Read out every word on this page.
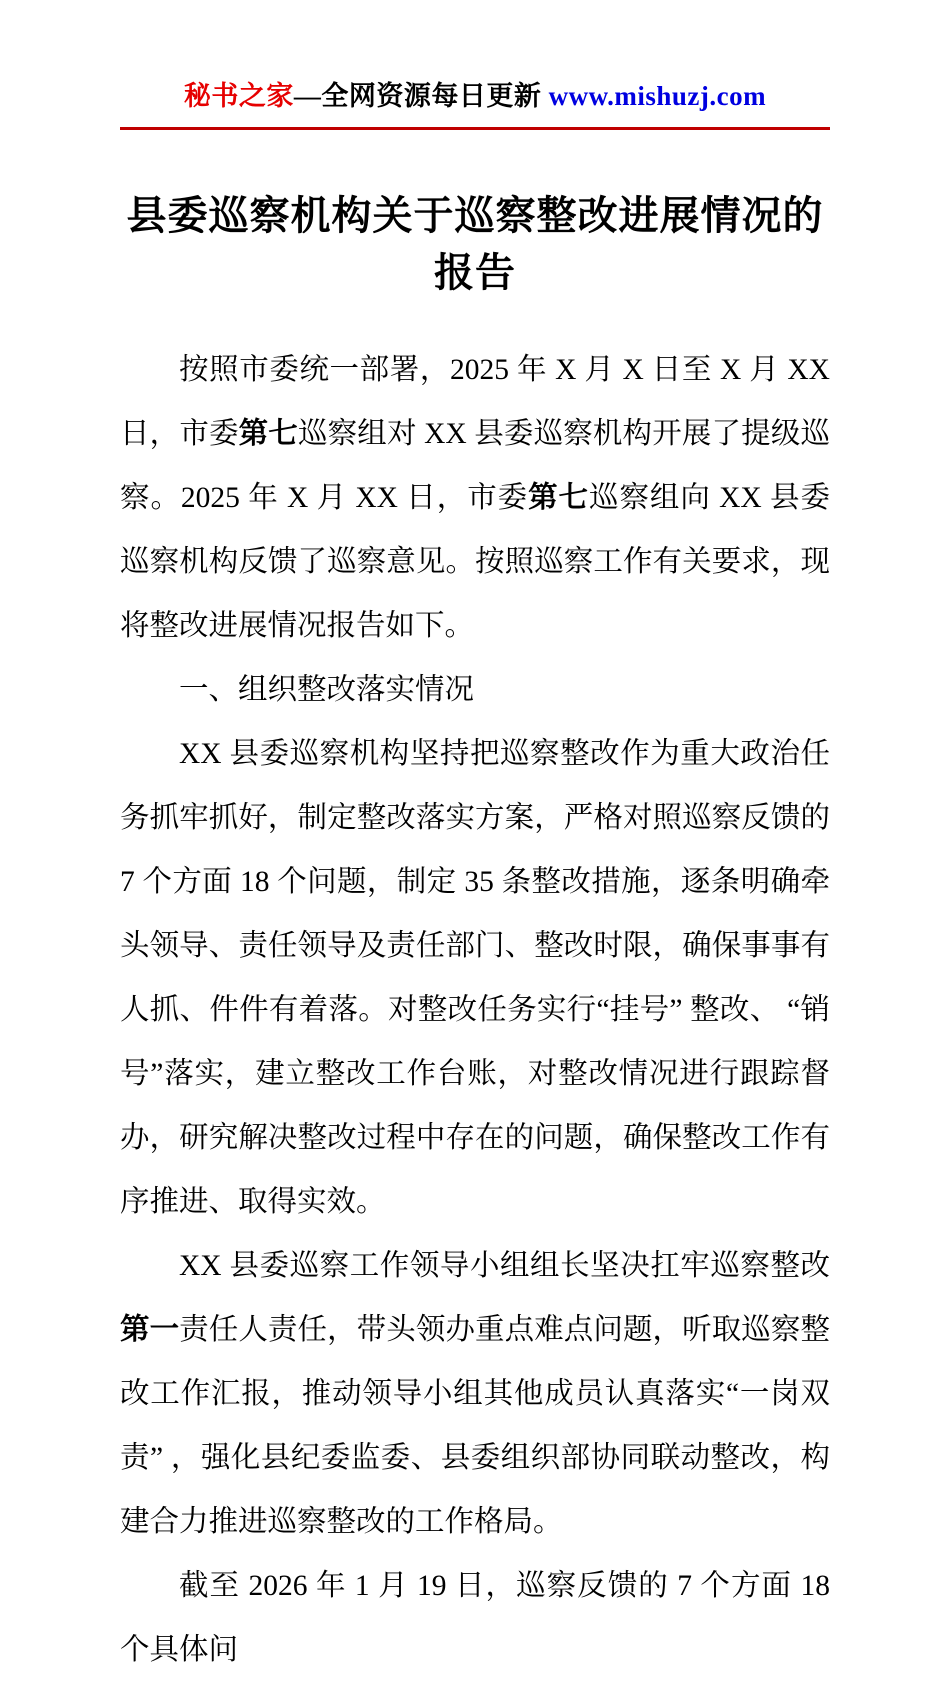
秘书之家—全网资源每日更新 www.mishuzj.com
县委巡察机构关于巡察整改进展情况的报告

按照市委统一部署，2025 年 X 月 X 日至 X 月 XX 日，市委第七巡察组对 XX 县委巡察机构开展了提级巡察。2025 年 X 月 XX 日，市委第七巡察组向 XX 县委巡察机构反馈了巡察意见。按照巡察工作有关要求，现将整改进展情况报告如下。

一、组织整改落实情况

XX 县委巡察机构坚持把巡察整改作为重大政治任务抓牢抓好，制定整改落实方案，严格对照巡察反馈的 7 个方面 18 个问题，制定 35 条整改措施，逐条明确牵头领导、责任领导及责任部门、整改时限，确保事事有人抓、件件有着落。对整改任务实行“挂号” 整改、 “销号”落实，建立整改工作台账，对整改情况进行跟踪督办，研究解决整改过程中存在的问题，确保整改工作有序推进、取得实效。

XX 县委巡察工作领导小组组长坚决扛牢巡察整改第一责任人责任，带头领办重点难点问题，听取巡察整改工作汇报，推动领导小组其他成员认真落实“一岗双责” ，强化县纪委监委、县委组织部协同联动整改，构建合力推进巡察整改的工作格局。

截至 2026 年 1 月 19 日，巡察反馈的 7 个方面 18 个具体问
